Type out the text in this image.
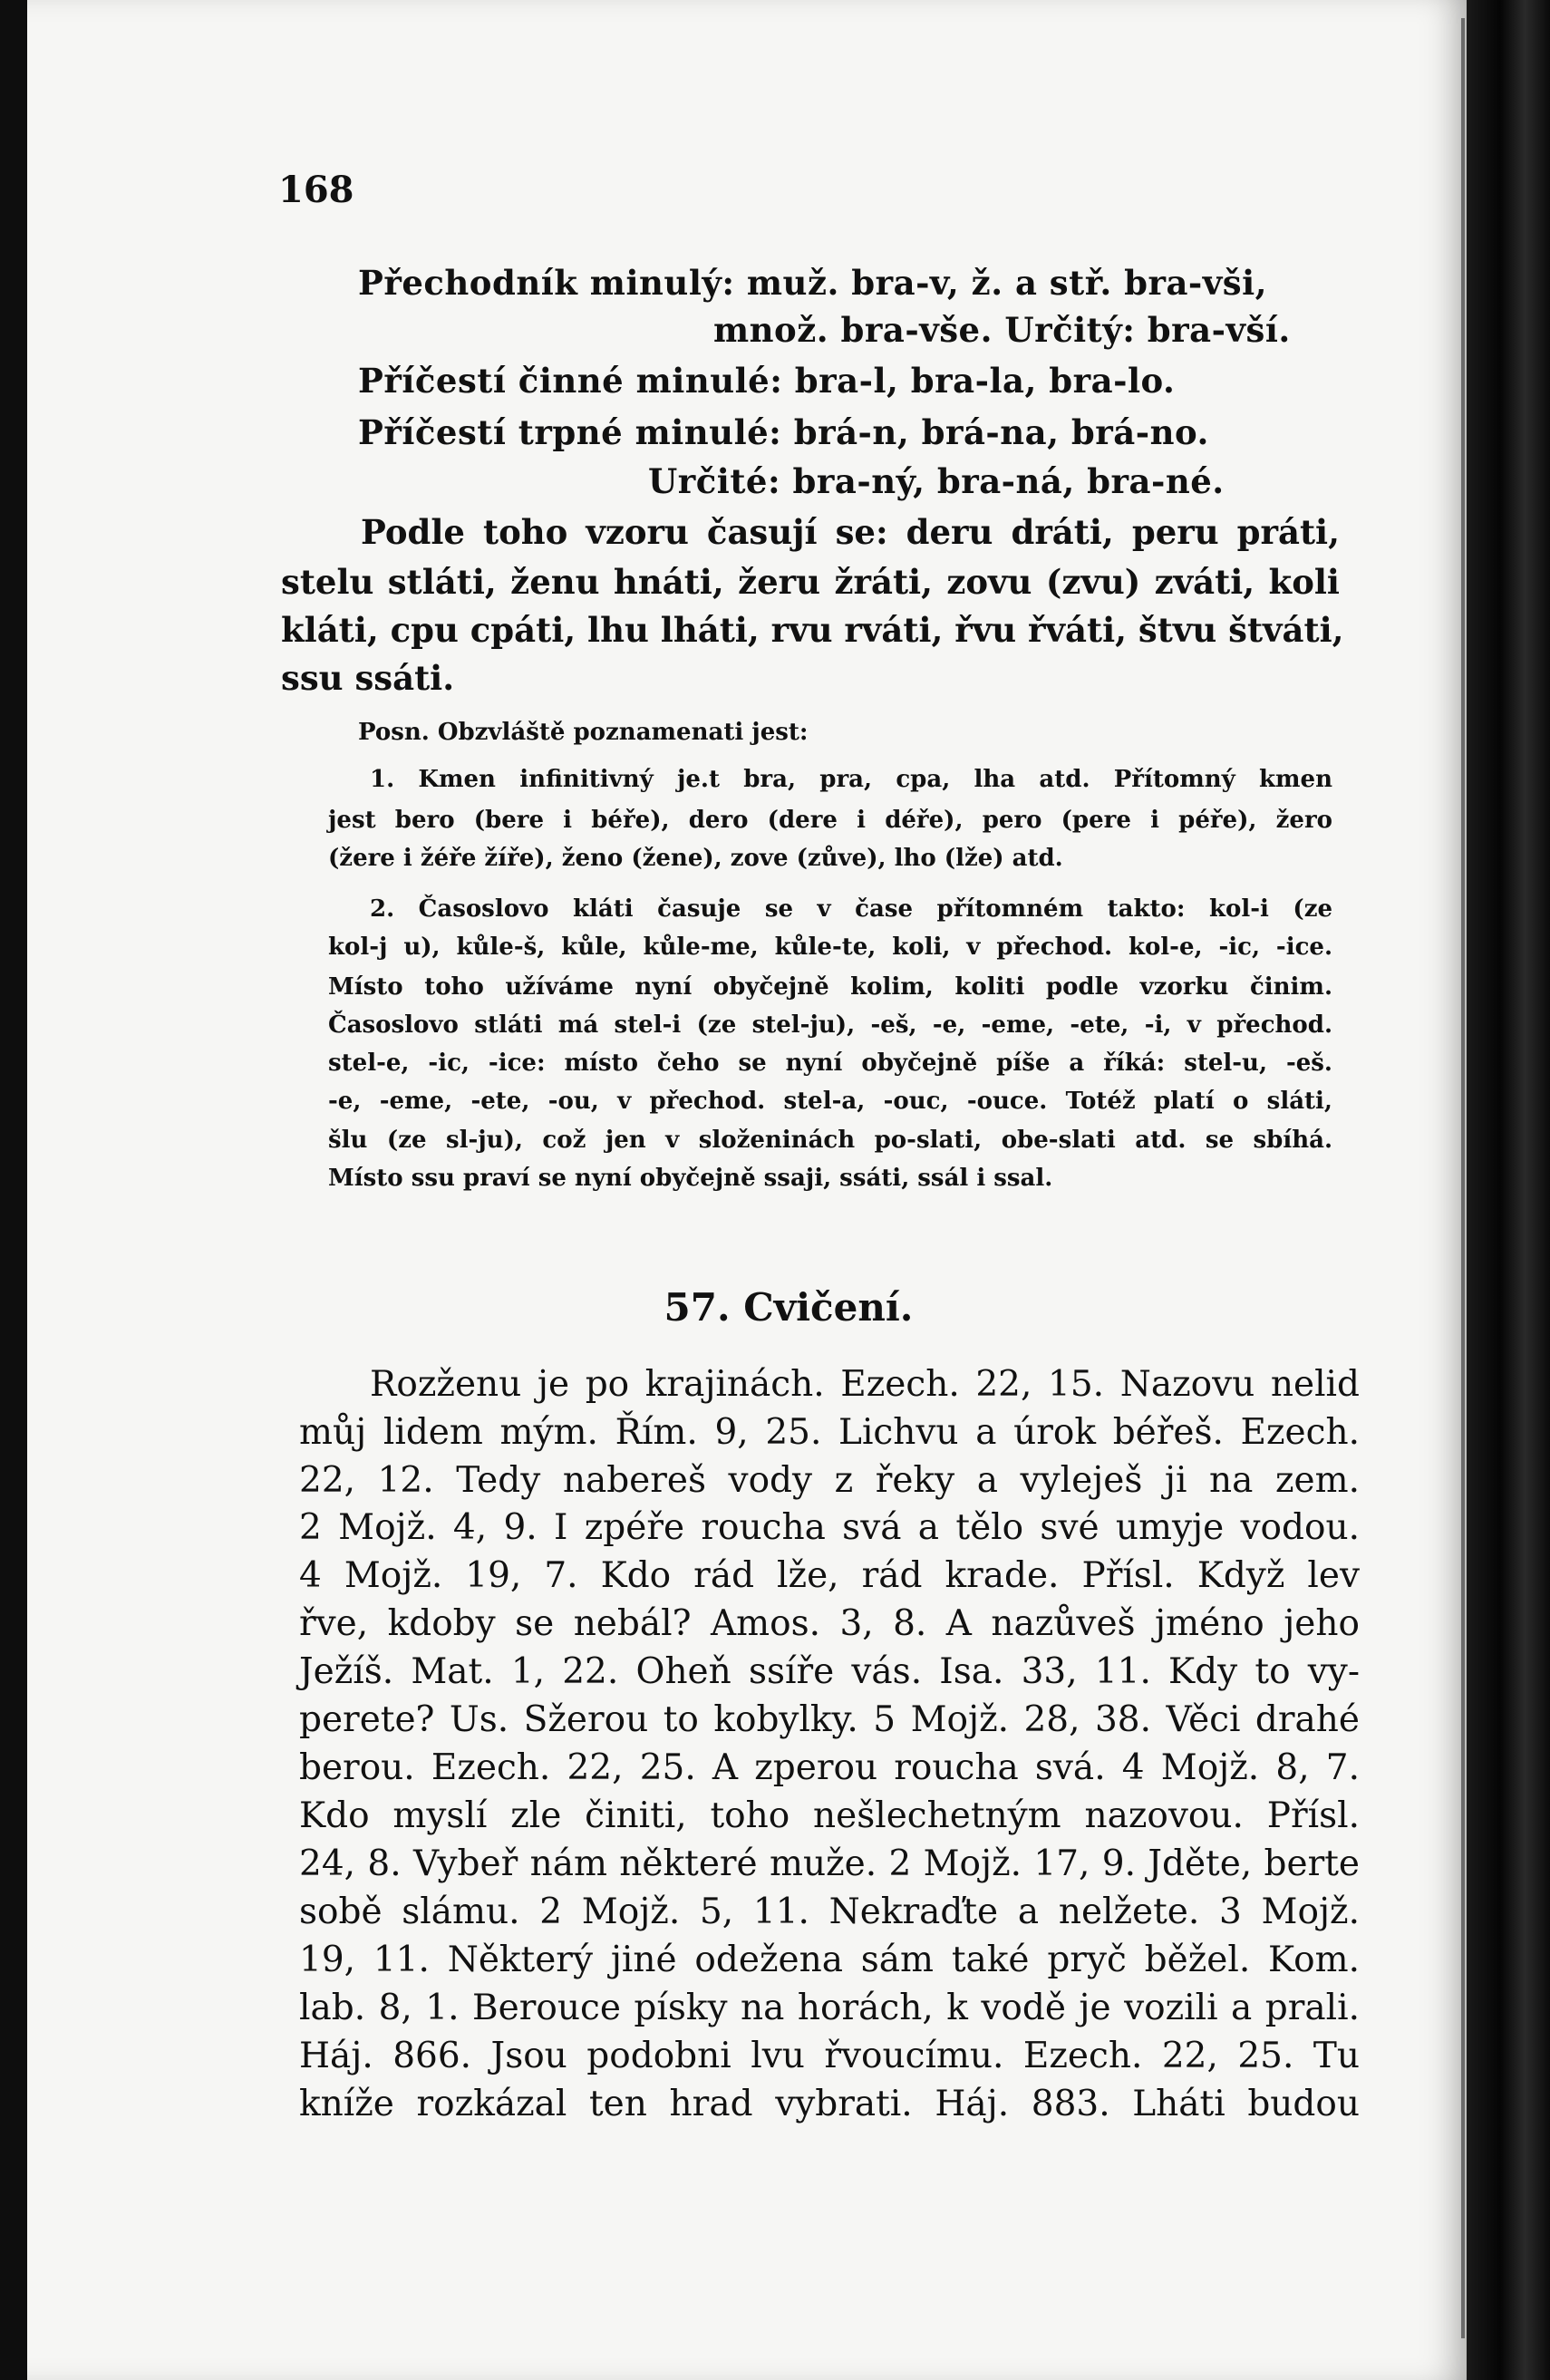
168
Přechodník minulý: muž. bra-v, ž. a stř. bra-vši,
množ. bra-vše. Určitý: bra-vší.
Příčestí činné minulé: bra-l, bra-la, bra-lo.
Příčestí trpné minulé: brá-n, brá-na, brá-no.
Určité: bra-ný, bra-ná, bra-né.
Podle toho vzoru časují se: deru dráti, peru práti,
stelu stláti, ženu hnáti, žeru žráti, zovu (zvu) zváti, koli
kláti, cpu cpáti, lhu lháti, rvu rváti, řvu řváti, štvu štváti,
ssu ssáti.
Posn. Obzvláště poznamenati jest:
1. Kmen infinitivný je.t bra, pra, cpa, lha atd. Přítomný kmen
jest bero (bere i béře), dero (dere i déře), pero (pere i péře), žero
(žere i žéře žíře), ženo (žene), zove (zůve), lho (lže) atd.
2. Časoslovo kláti časuje se v čase přítomném takto: kol-i (ze
kol-j u), kůle-š, kůle, kůle-me, kůle-te, koli, v přechod. kol-e, -ic, -ice.
Místo toho užíváme nyní obyčejně kolim, koliti podle vzorku činim.
Časoslovo stláti má stel-i (ze stel-ju), -eš, -e, -eme, -ete, -i, v přechod.
stel-e, -ic, -ice: místo čeho se nyní obyčejně píše a říká: stel-u, -eš.
-e, -eme, -ete, -ou, v přechod. stel-a, -ouc, -ouce. Totéž platí o sláti,
šlu (ze sl-ju), což jen v složeninách po-slati, obe-slati atd. se sbíhá.
Místo ssu praví se nyní obyčejně ssaji, ssáti, ssál i ssal.
57. Cvičení.
Rozženu je po krajinách. Ezech. 22, 15. Nazovu nelid
můj lidem mým. Řím. 9, 25. Lichvu a úrok béřeš. Ezech.
22, 12. Tedy nabereš vody z řeky a vyleješ ji na zem.
2 Mojž. 4, 9. I zpéře roucha svá a tělo své umyje vodou.
4 Mojž. 19, 7. Kdo rád lže, rád krade. Přísl. Když lev
řve, kdoby se nebál? Amos. 3, 8. A nazůveš jméno jeho
Ježíš. Mat. 1, 22. Oheň ssíře vás. Isa. 33, 11. Kdy to vy-
perete? Us. Sžerou to kobylky. 5 Mojž. 28, 38. Věci drahé
berou. Ezech. 22, 25. A zperou roucha svá. 4 Mojž. 8, 7.
Kdo myslí zle činiti, toho nešlechetným nazovou. Přísl.
24, 8. Vybeř nám některé muže. 2 Mojž. 17, 9. Jděte, berte
sobě slámu. 2 Mojž. 5, 11. Nekraďte a nelžete. 3 Mojž.
19, 11. Některý jiné odežena sám také pryč běžel. Kom.
lab. 8, 1. Berouce písky na horách, k vodě je vozili a prali.
Háj. 866. Jsou podobni lvu řvoucímu. Ezech. 22, 25. Tu
kníže rozkázal ten hrad vybrati. Háj. 883. Lháti budou
